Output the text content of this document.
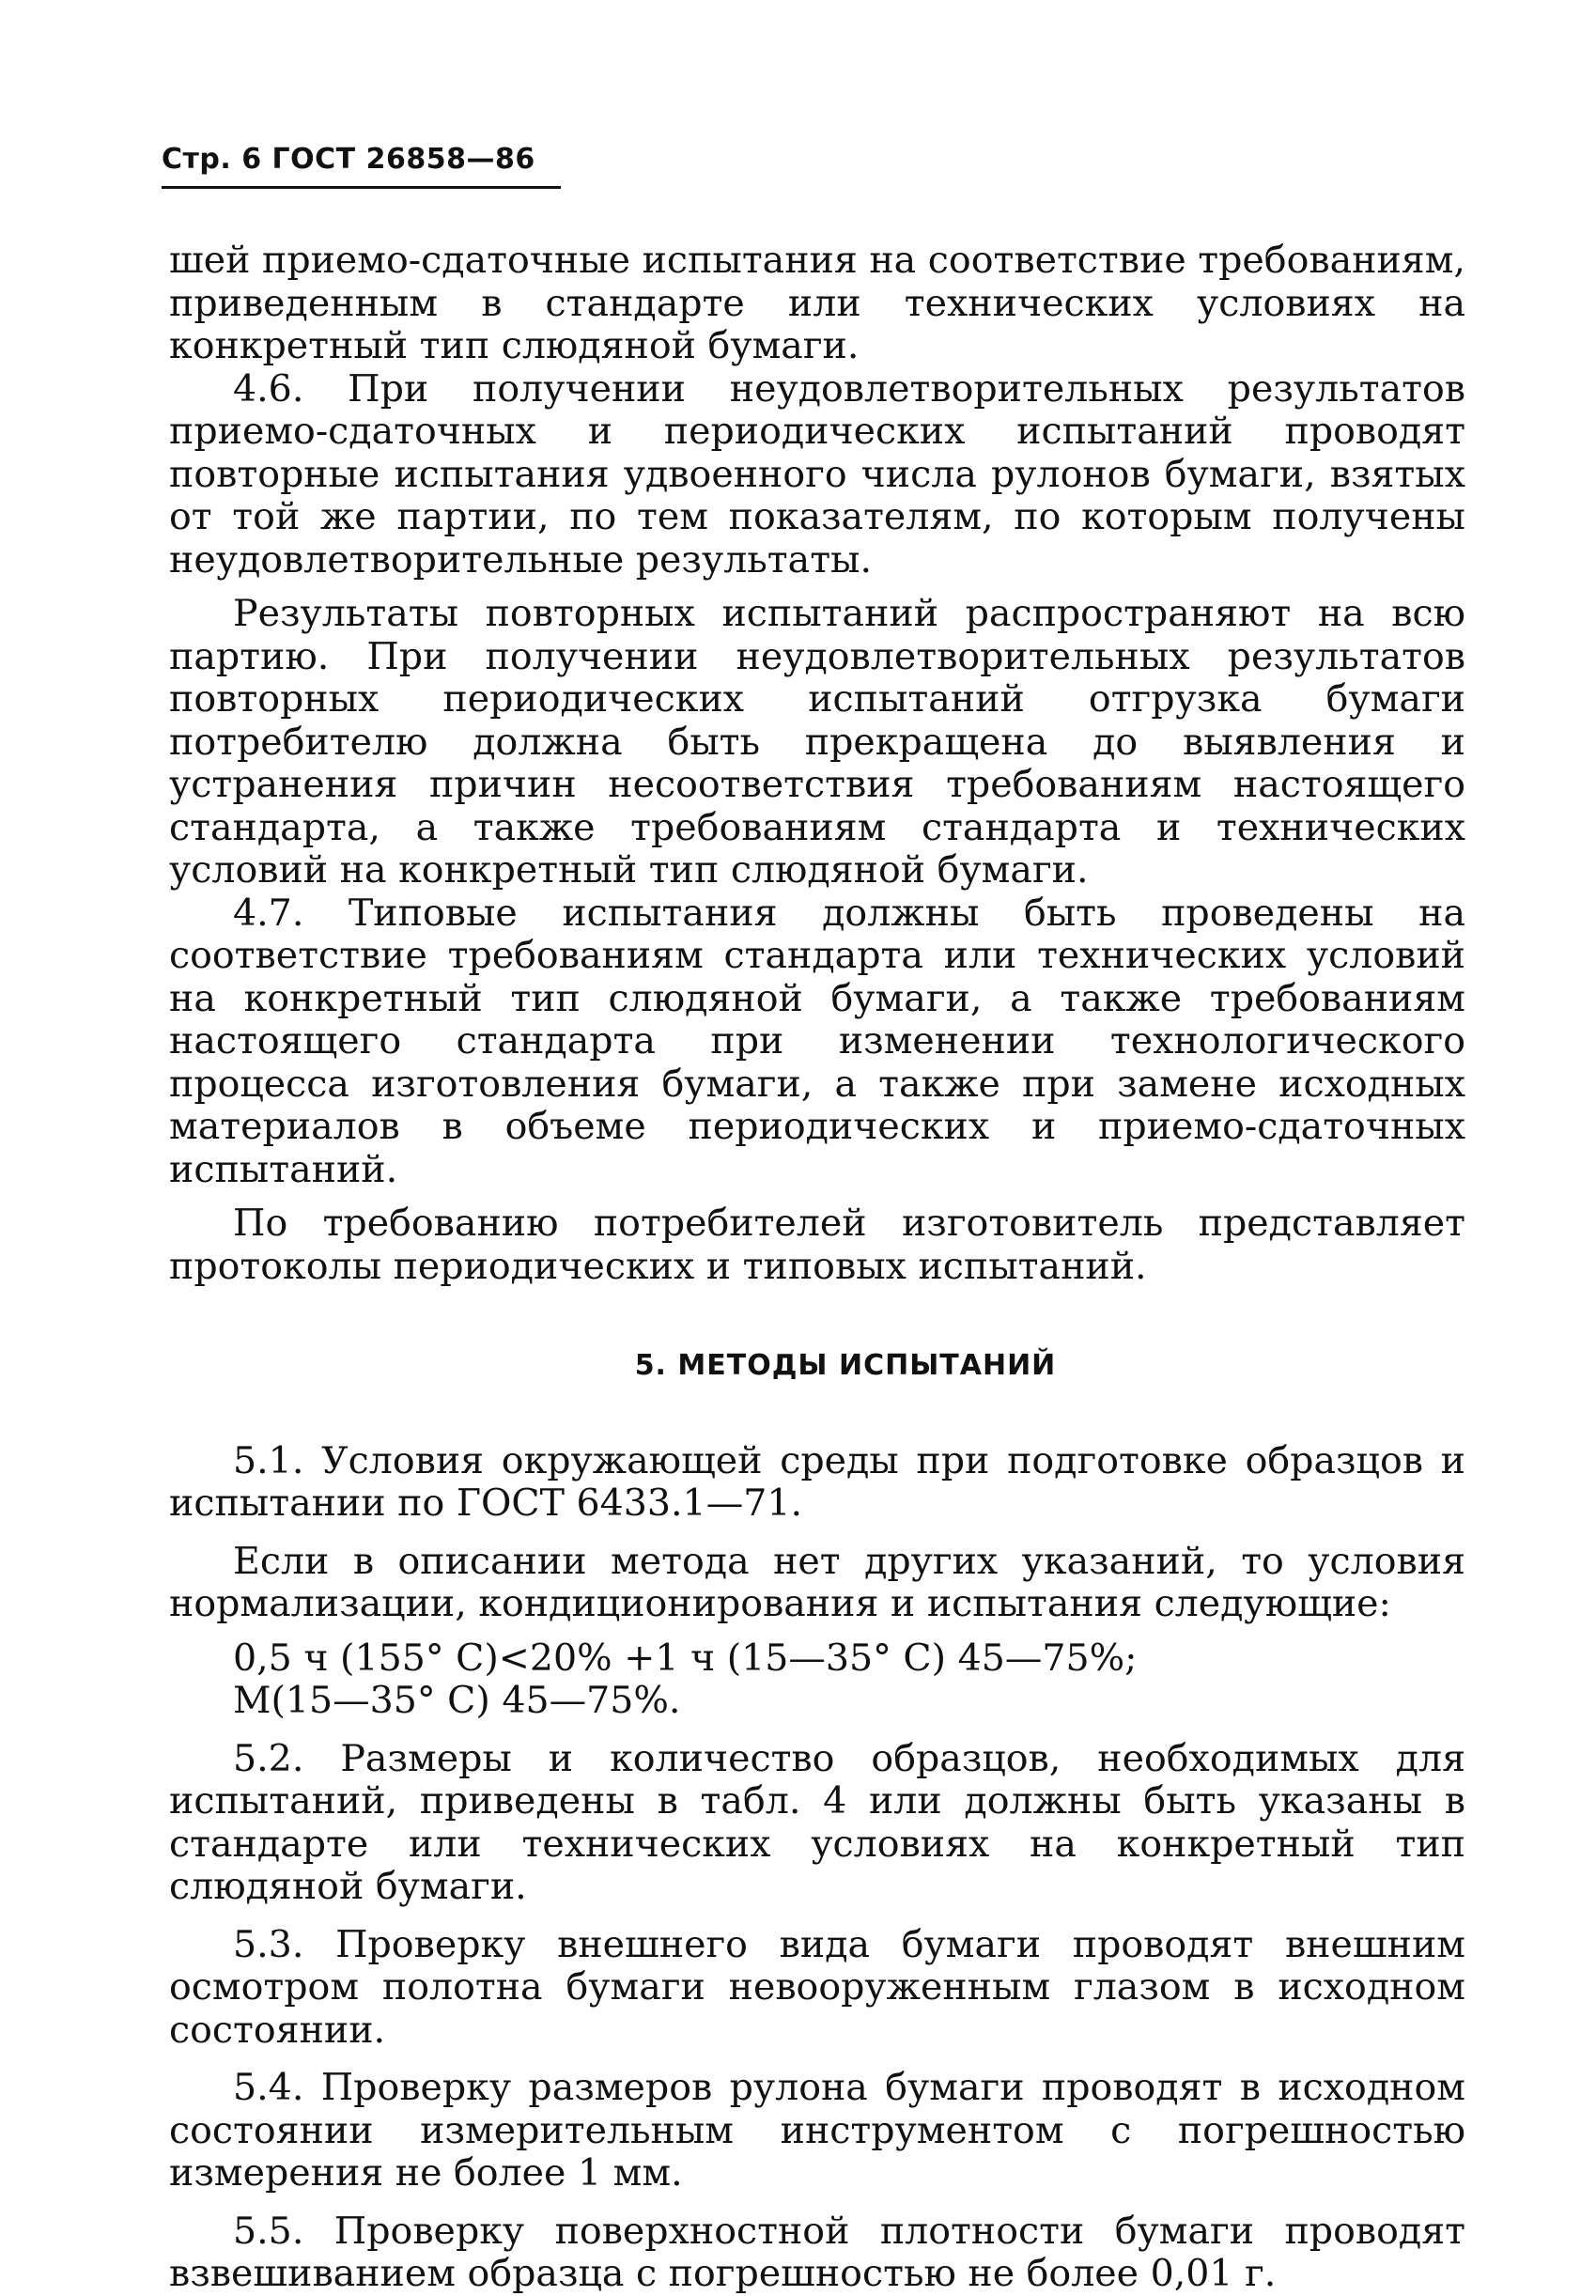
Стр. 6 ГОСТ 26858—86

шей приемо-сдаточные испытания на соответствие требованиям, приведенным в стандарте или технических условиях на конкретный тип слюдяной бумаги.

4.6. При получении неудовлетворительных результатов приемо-сдаточных и периодических испытаний проводят повторные испытания удвоенного числа рулонов бумаги, взятых от той же партии, по тем показателям, по которым получены неудовлетворительные результаты.

Результаты повторных испытаний распространяют на всю партию. При получении неудовлетворительных результатов повторных периодических испытаний отгрузка бумаги потребителю должна быть прекращена до выявления и устранения причин несоответствия требованиям настоящего стандарта, а также требованиям стандарта и технических условий на конкретный тип слюдяной бумаги.

4.7. Типовые испытания должны быть проведены на соответствие требованиям стандарта или технических условий на конкретный тип слюдяной бумаги, а также требованиям настоящего стандарта при изменении технологического процесса изготовления бумаги, а также при замене исходных материалов в объеме периодических и приемо-сдаточных испытаний.

По требованию потребителей изготовитель представляет протоколы периодических и типовых испытаний.

5. МЕТОДЫ ИСПЫТАНИЙ

5.1. Условия окружающей среды при подготовке образцов и испытании по ГОСТ 6433.1—71.

Если в описании метода нет других указаний, то условия нормализации, кондиционирования и испытания следующие:

0,5 ч (155° С)<20% +1 ч (15—35° С) 45—75%;

М(15—35° С) 45—75%.

5.2. Размеры и количество образцов, необходимых для испытаний, приведены в табл. 4 или должны быть указаны в стандарте или технических условиях на конкретный тип слюдяной бумаги.

5.3. Проверку внешнего вида бумаги проводят внешним осмотром полотна бумаги невооруженным глазом в исходном состоянии.

5.4. Проверку размеров рулона бумаги проводят в исходном состоянии измерительным инструментом с погрешностью измерения не более 1 мм.

5.5. Проверку поверхностной плотности бумаги проводят взвешиванием образца с погрешностью не более 0,01 г.
